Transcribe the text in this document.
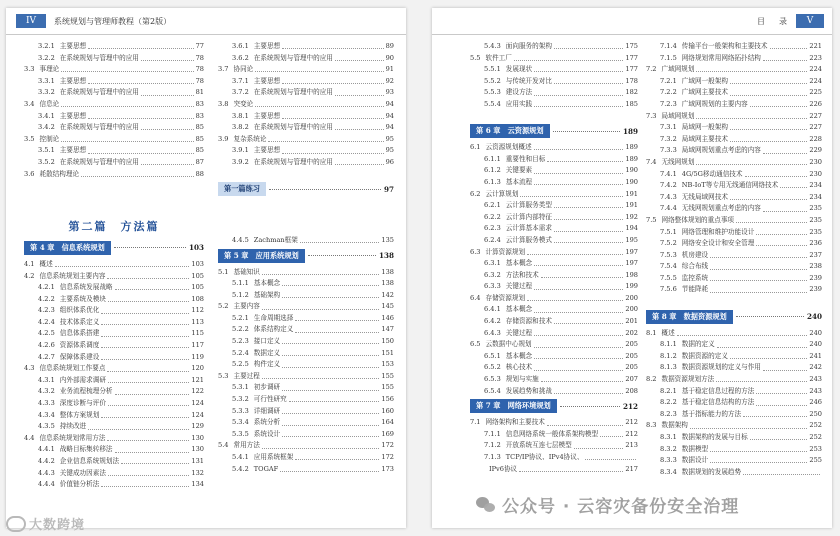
IV	系统规划与管理师教程（第2版）
3.2.1 主要思想	77
3.2.2 在系统规划与管理中的应用	78
3.3 事理论	78
3.3.1 主要思想	78
3.3.2 在系统规划与管理中的应用	81
3.4 信息论	83
3.4.1 主要思想	83
3.4.2 在系统规划与管理中的应用	85
3.5 控制论	85
3.5.1 主要思想	85
3.5.2 在系统规划与管理中的应用	87
3.6 耗散结构理论	88
第二篇　方法篇
第 4 章　信息系统规划	103
4.1 概述	103
4.2 信息系统规划主要内容	105
4.2.1 信息系统发展战略	105
4.2.2 主要系统及模块	108
4.2.3 组织体系优化	112
4.2.4 技术体系定义	113
4.2.5 信息体系搭建	115
4.2.6 资源体系调度	117
4.2.7 保障体系建设	119
4.3 信息系统规划工作要点	120
4.3.1 内外部需求调研	121
4.3.2 业务流程梳理分析	122
4.3.3 深度诊断与评价	124
4.3.4 整体方案规划	124
4.3.5 持续改进	129
4.4 信息系统规划常用方法	130
4.4.1 战略目标集转移法	130
4.4.2 企业信息系统规划法	131
4.4.3 关键成功因素法	132
4.4.4 价值链分析法	134
3.6.1 主要思想	89
3.6.2 在系统规划与管理中的应用	90
3.7 协同论	91
3.7.1 主要思想	92
3.7.2 在系统规划与管理中的应用	93
3.8 突变论	94
3.8.1 主要思想	94
3.8.2 在系统规划与管理中的应用	94
3.9 复杂系统论	95
3.9.1 主要思想	95
3.9.2 在系统规划与管理中的应用	96
第一篇练习	97
4.4.5 Zachman框架	135
第 5 章　应用系统规划	138
5.1 基础知识	138
5.1.1 基本概念	138
5.1.2 基础架构	142
5.2 主要内容	145
5.2.1 生命周期选择	146
5.2.2 体系结构定义	147
5.2.3 接口定义	150
5.2.4 数据定义	151
5.2.5 构件定义	153
5.3 主要过程	155
5.3.1 初步调研	155
5.3.2 可行性研究	156
5.3.3 详细调研	160
5.3.4 系统分析	164
5.3.5 系统设计	169
5.4 常用方法	172
5.4.1 应用系统框架	172
5.4.2 TOGAF	173
目　录	V
5.4.3 面向服务的架构	175
5.5 软件工厂	177
5.5.1 发展现状	177
5.5.2 与传统开发对比	178
5.5.3 建设方法	182
5.5.4 应用实践	185
第 6 章　云资源规划	189
6.1 云资源规划概述	189
6.1.1 重要性和目标	189
6.1.2 关键要素	190
6.1.3 基本流程	190
6.2 云计算规划	191
6.2.1 云计算服务类型	191
6.2.2 云计算内部特征	192
6.2.3 云计算基本需求	194
6.2.4 云计算服务模式	195
6.3 计算资源规划	197
6.3.1 基本概念	197
6.3.2 方法和技术	198
6.3.3 关键过程	199
6.4 存储资源规划	200
6.4.1 基本概念	200
6.4.2 存储资源和技术	201
6.4.3 关键过程	202
6.5 云数据中心规划	205
6.5.1 基本概念	205
6.5.2 核心技术	205
6.5.3 规划与实施	207
6.5.4 发展趋势和挑战	208
第 7 章　网络环境规划	212
7.1 网络架构和主要技术	212
7.1.1 信息网络系统一般体系架构模型	212
7.1.2 开放系统互连七层模型	213
7.1.3 TCP/IP协议、IPv4协议、
IPv6协议	217
7.1.4 传输平台一般架构和主要技术	221
7.1.5 网络规划常用网络拓扑结构	223
7.2 广域网规划	224
7.2.1 广域网一般架构	224
7.2.2 广域网主要技术	225
7.2.3 广域网规划的主要内容	226
7.3 局域网规划	227
7.3.1 局域网一般架构	227
7.3.2 局域网主要技术	228
7.3.3 局域网规划重点考虑的内容	229
7.4 无线网规划	230
7.4.1 4G/5G移动通信技术	230
7.4.2 NB-IoT等专用无线通信网络技术	234
7.4.3 无线局域网技术	234
7.4.4 无线网规划重点考虑的内容	235
7.5 网络整体规划的重点事项	235
7.5.1 网络管理和维护功能设计	235
7.5.2 网络安全设计和安全管理	236
7.5.3 机房建设	237
7.5.4 综合布线	238
7.5.5 监控系统	239
7.5.6 节能降耗	239
第 8 章　数据资源规划	240
8.1 概述	240
8.1.1 数据的定义	240
8.1.2 数据资源的定义	241
8.1.3 数据资源规划的定义与作用	242
8.2 数据资源规划方法	243
8.2.1 基于稳定信息过程的方法	243
8.2.2 基于稳定信息结构的方法	246
8.2.3 基于指标能力的方法	250
8.3 数据架构	252
8.3.1 数据架构的发展与目标	252
8.3.2 数据模型	253
8.3.3 数据设计	255
8.3.4 数据规划的发展趋势
大数跨境
公众号 · 云容灾备份安全治理
